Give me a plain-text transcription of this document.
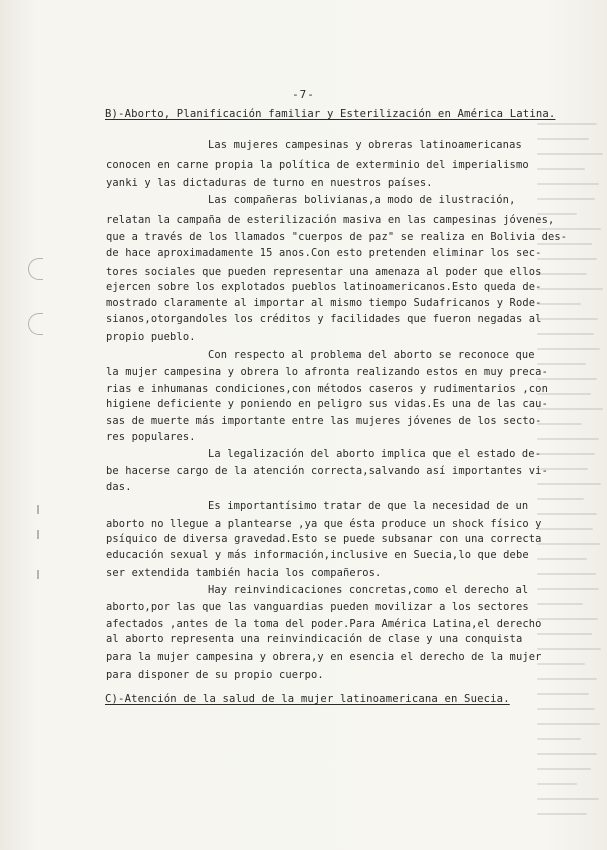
-7-
B)-Aborto, Planificación familiar y Esterilización en América Latina.
Las mujeres campesinas y obreras latinoamericanas
conocen en carne propia la política de exterminio del imperialismo
yanki y las dictaduras de turno en nuestros países.
Las compañeras bolivianas,a modo de ilustración,
relatan la campaña de esterilización masiva en las campesinas jóvenes,
que a través de los llamados "cuerpos de paz" se realiza en Bolivia des-
de hace aproximadamente 15 anos.Con esto pretenden eliminar los sec-
tores sociales que pueden representar una amenaza al poder que ellos
ejercen sobre los explotados pueblos latinoamericanos.Esto queda de-
mostrado claramente al importar al mismo tiempo Sudafricanos y Rode-
sianos,otorgandoles los créditos y facilidades que fueron negadas al
propio pueblo.
Con respecto al problema del aborto se reconoce que
la mujer campesina y obrera lo afronta realizando estos en muy preca-
rias e inhumanas condiciones,con métodos caseros y rudimentarios ,con
higiene deficiente y poniendo en peligro sus vidas.Es una de las cau-
sas de muerte más importante entre las mujeres jóvenes de los secto-
res populares.
La legalización del aborto implica que el estado de-
be hacerse cargo de la atención correcta,salvando así importantes vi-
das.
Es importantísimo tratar de que la necesidad de un
aborto no llegue a plantearse ,ya que ésta produce un shock físico y
psíquico de diversa gravedad.Esto se puede subsanar con una correcta
educación sexual y más información,inclusive en Suecia,lo que debe
ser extendida también hacia los compañeros.
Hay reinvindicaciones concretas,como el derecho al
aborto,por las que las vanguardias pueden movilizar a los sectores
afectados ,antes de la toma del poder.Para América Latina,el derecho
al aborto representa una reinvindicación de clase y una conquista
para la mujer campesina y obrera,y en esencia el derecho de la mujer
para disponer de su propio cuerpo.
C)-Atención de la salud de la mujer latinoamericana en Suecia.
